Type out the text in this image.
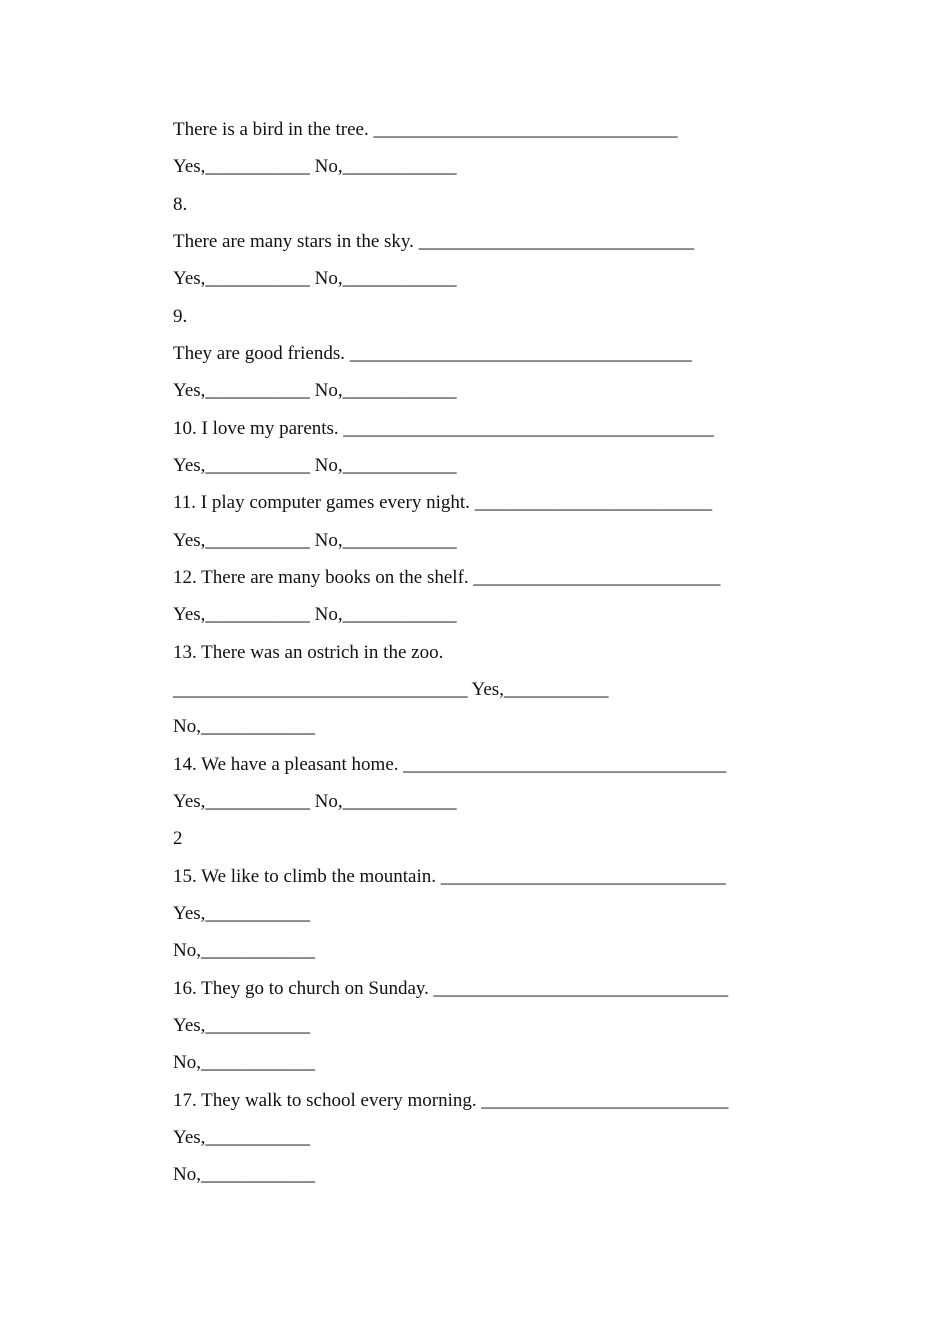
There is a bird in the tree. ________________________________

Yes,___________ No,____________

8.

There are many stars in the sky. _____________________________

Yes,___________ No,____________

9.

They are good friends. ____________________________________

Yes,___________ No,____________

10. I love my parents. _______________________________________

Yes,___________ No,____________

11. I play computer games every night. _________________________

Yes,___________ No,____________

12. There are many books on the shelf. __________________________

Yes,___________ No,____________

13. There was an ostrich in the zoo.

_______________________________ Yes,___________

No,____________

14. We have a pleasant home. __________________________________

Yes,___________ No,____________

2

15. We like to climb the mountain. ______________________________

Yes,___________

No,____________

16. They go to church on Sunday. _______________________________

Yes,___________

No,____________

17. They walk to school every morning. __________________________

Yes,___________

No,____________
